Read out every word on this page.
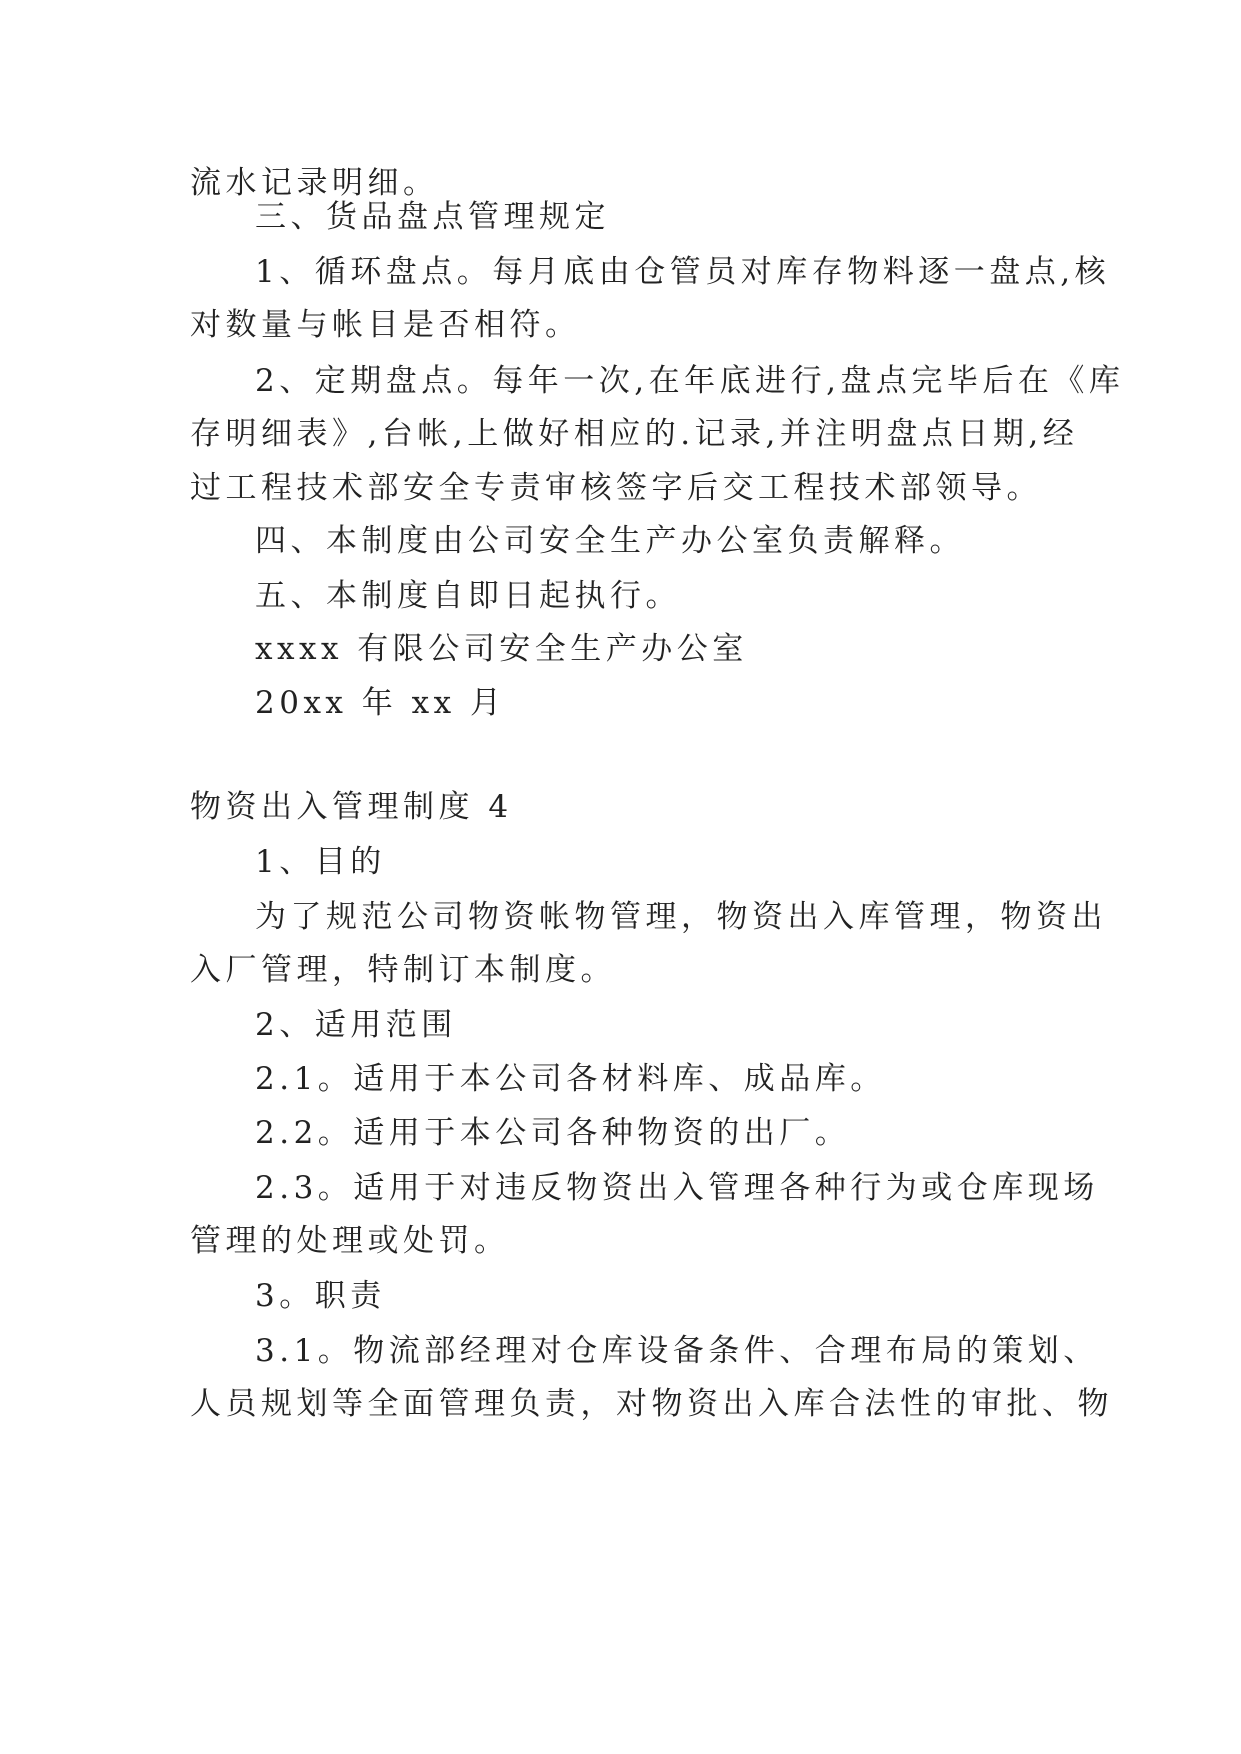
流水记录明细。
三、货品盘点管理规定
1、循环盘点。每月底由仓管员对库存物料逐一盘点,核
对数量与帐目是否相符。
2、定期盘点。每年一次,在年底进行,盘点完毕后在《库
存明细表》,台帐,上做好相应的.记录,并注明盘点日期,经
过工程技术部安全专责审核签字后交工程技术部领导。
四、本制度由公司安全生产办公室负责解释。
五、本制度自即日起执行。
xxxx 有限公司安全生产办公室
20xx 年 xx 月
物资出入管理制度 4
1、目的
为了规范公司物资帐物管理，物资出入库管理，物资出
入厂管理，特制订本制度。
2、适用范围
2.1。适用于本公司各材料库、成品库。
2.2。适用于本公司各种物资的出厂。
2.3。适用于对违反物资出入管理各种行为或仓库现场
管理的处理或处罚。
3。职责
3.1。物流部经理对仓库设备条件、合理布局的策划、
人员规划等全面管理负责，对物资出入库合法性的审批、物
